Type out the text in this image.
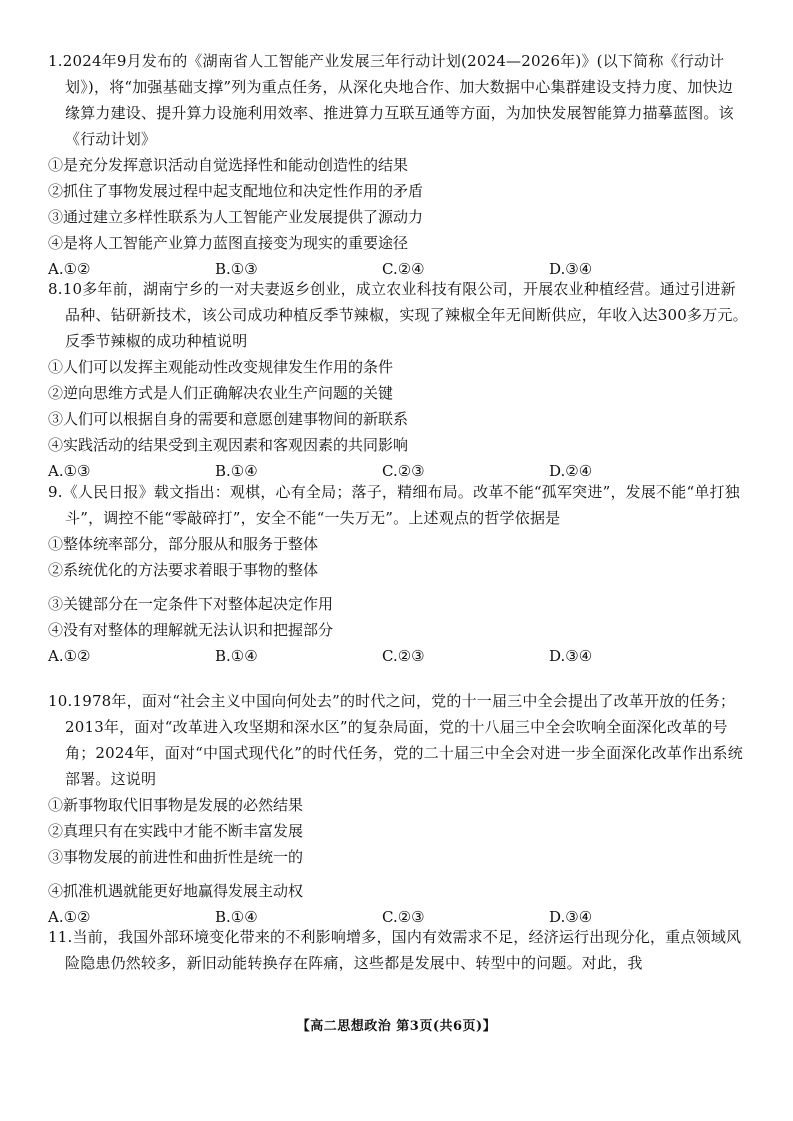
1.2024年9月发布的《湖南省人工智能产业发展三年行动计划(2024—2026年)》(以下简称《行动计划》)，将“加强基础支撑”列为重点任务，从深化央地合作、加大数据中心集群建设支持力度、加快边缘算力建设、提升算力设施利用效率、推进算力互联互通等方面，为加快发展智能算力描摹蓝图。该《行动计划》

①是充分发挥意识活动自觉选择性和能动创造性的结果

②抓住了事物发展过程中起支配地位和决定性作用的矛盾

③通过建立多样性联系为人工智能产业发展提供了源动力

④是将人工智能产业算力蓝图直接变为现实的重要途径

A.①②	B.①③	C.②④	D.③④

8.10多年前，湖南宁乡的一对夫妻返乡创业，成立农业科技有限公司，开展农业种植经营。通过引进新品种、钻研新技术，该公司成功种植反季节辣椒，实现了辣椒全年无间断供应，年收入达300多万元。反季节辣椒的成功种植说明

①人们可以发挥主观能动性改变规律发生作用的条件

②逆向思维方式是人们正确解决农业生产问题的关键

③人们可以根据自身的需要和意愿创建事物间的新联系

④实践活动的结果受到主观因素和客观因素的共同影响

A.①③	B.①④	C.②③	D.②④

9.《人民日报》载文指出：观棋，心有全局；落子，精细布局。改革不能“孤军突进”，发展不能“单打独斗”，调控不能“零敲碎打”，安全不能“一失万无”。上述观点的哲学依据是

①整体统率部分，部分服从和服务于整体

②系统优化的方法要求着眼于事物的整体

③关键部分在一定条件下对整体起决定作用

④没有对整体的理解就无法认识和把握部分

A.①②	B.①④	C.②③	D.③④

10.1978年，面对“社会主义中国向何处去”的时代之问，党的十一届三中全会提出了改革开放的任务；2013年，面对“改革进入攻坚期和深水区”的复杂局面，党的十八届三中全会吹响全面深化改革的号角；2024年，面对“中国式现代化”的时代任务，党的二十届三中全会对进一步全面深化改革作出系统部署。这说明

①新事物取代旧事物是发展的必然结果

②真理只有在实践中才能不断丰富发展

③事物发展的前进性和曲折性是统一的

④抓准机遇就能更好地赢得发展主动权

A.①②	B.①④	C.②③	D.③④

11.当前，我国外部环境变化带来的不利影响增多，国内有效需求不足，经济运行出现分化，重点领域风险隐患仍然较多，新旧动能转换存在阵痛，这些都是发展中、转型中的问题。对此，我

【高二思想政治 第3页(共6页)】
